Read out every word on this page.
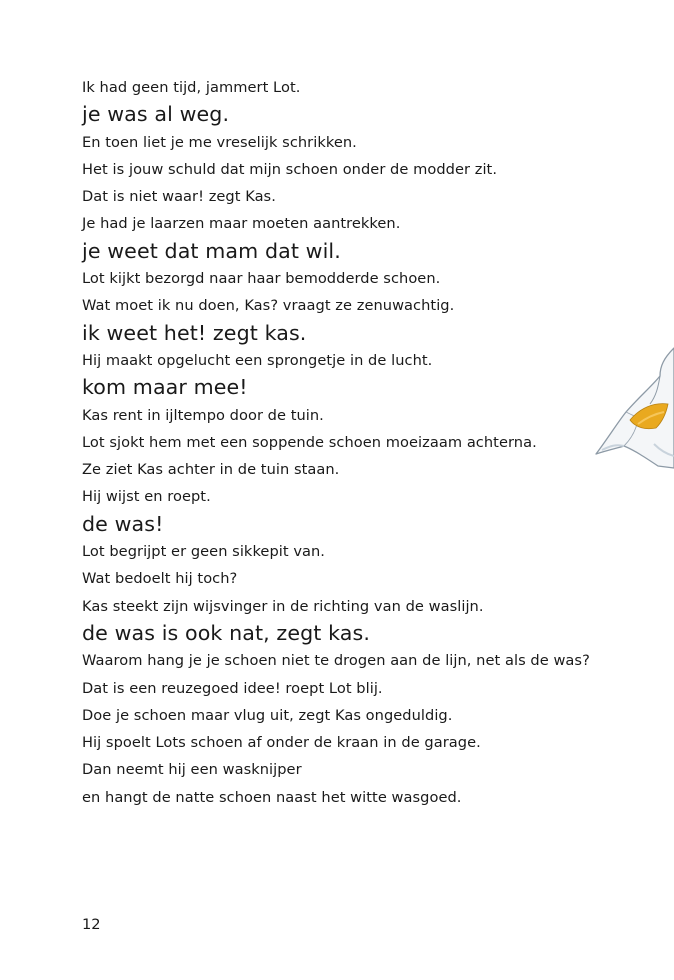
Ik had geen tijd, jammert Lot.
je was al weg.
En toen liet je me vreselijk schrikken.
Het is jouw schuld dat mijn schoen onder de modder zit.
Dat is niet waar! zegt Kas.
Je had je laarzen maar moeten aantrekken.
je weet dat mam dat wil.
Lot kijkt bezorgd naar haar bemodderde schoen.
Wat moet ik nu doen, Kas? vraagt ze zenuwachtig.
ik weet het! zegt kas.
Hij maakt opgelucht een sprongetje in de lucht.
kom maar mee!
Kas rent in ijltempo door de tuin.
Lot sjokt hem met een soppende schoen moeizaam achterna.
Ze ziet Kas achter in de tuin staan.
Hij wijst en roept.
de was!
Lot begrijpt er geen sikkepit van.
Wat bedoelt hij toch?
Kas steekt zijn wijsvinger in de richting van de waslijn.
de was is ook nat, zegt kas.
Waarom hang je je schoen niet te drogen aan de lijn, net als de was?
Dat is een reuzegoed idee! roept Lot blij.
Doe je schoen maar vlug uit, zegt Kas ongeduldig.
Hij spoelt Lots schoen af onder de kraan in de garage.
Dan neemt hij een wasknijper
en hangt de natte schoen naast het witte wasgoed.
12
